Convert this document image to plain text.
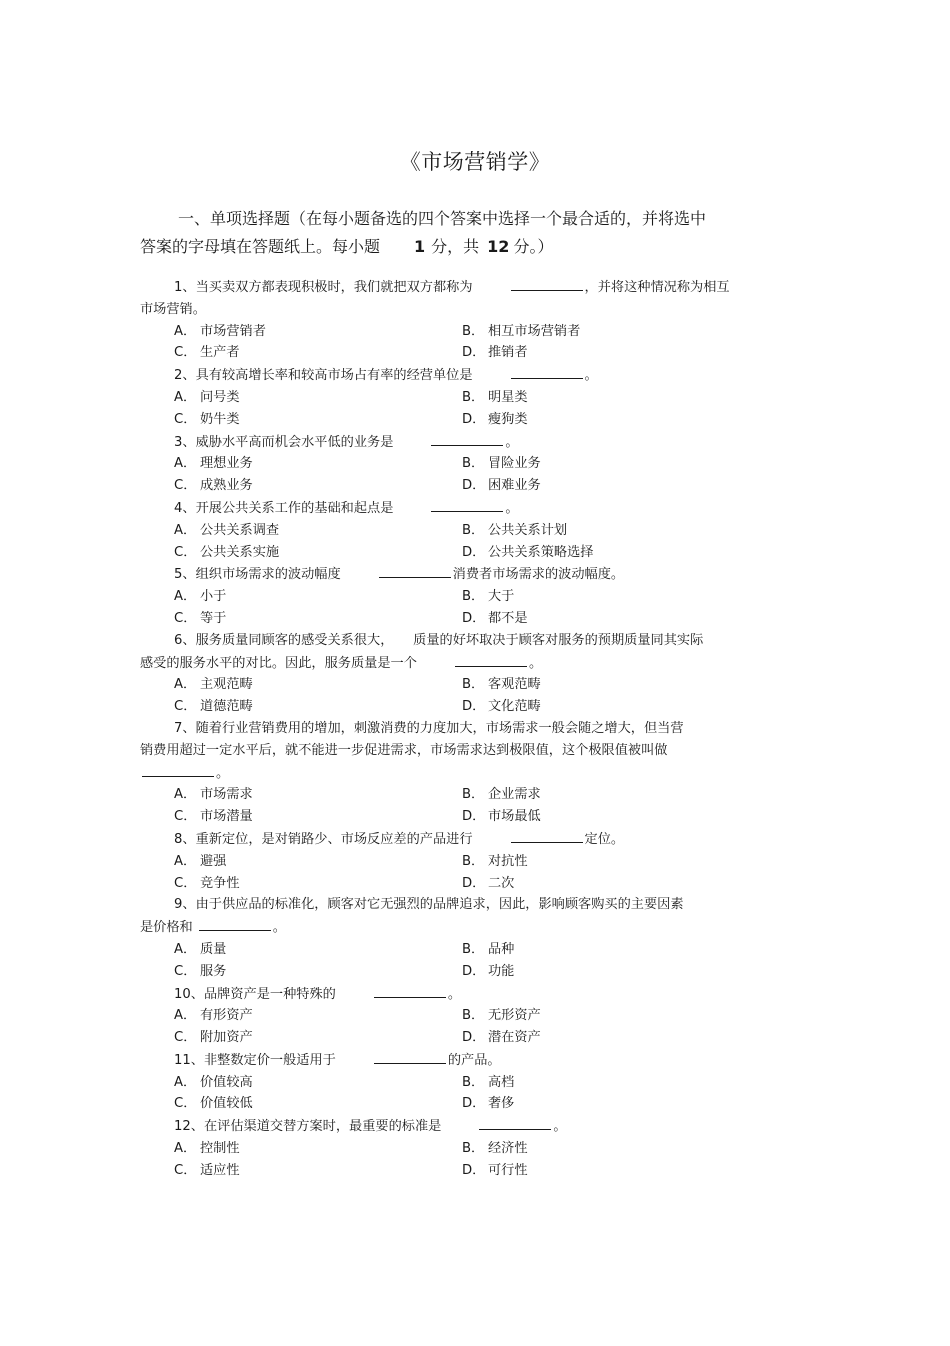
《市场营销学》
一、单项选择题（在每小题备选的四个答案中选择一个最合适的，并将选中
答案的字母填在答题纸上。每小题 1 分，共 12 分。）
1、当买卖双方都表现积极时，我们就把双方都称为	，并将这种情况称为相互
市场营销。
A． 市场营销者	B． 相互市场营销者
C． 生产者	D． 推销者
2、具有较高增长率和较高市场占有率的经营单位是	。
A． 问号类	B． 明星类
C． 奶牛类	D． 瘦狗类
3、威胁水平高而机会水平低的业务是	。
A． 理想业务	B． 冒险业务
C． 成熟业务	D． 困难业务
4、开展公共关系工作的基础和起点是	。
A． 公共关系调查	B． 公共关系计划
C． 公共关系实施	D． 公共关系策略选择
5、组织市场需求的波动幅度	消费者市场需求的波动幅度。
A． 小于	B． 大于
C． 等于	D． 都不是
6、服务质量同顾客的感受关系很大，　　质量的好坏取决于顾客对服务的预期质量同其实际
感受的服务水平的对比。因此，服务质量是一个	。
A． 主观范畴	B． 客观范畴
C． 道德范畴	D． 文化范畴
7、随着行业营销费用的增加，刺激消费的力度加大，市场需求一般会随之增大，但当营
销费用超过一定水平后，就不能进一步促进需求，市场需求达到极限值，这个极限值被叫做
。
A． 市场需求	B． 企业需求
C． 市场潜量	D． 市场最低
8、重新定位，是对销路少、市场反应差的产品进行	定位。
A． 避强	B． 对抗性
C． 竞争性	D． 二次
9、由于供应品的标准化，顾客对它无强烈的品牌追求，因此，影响顾客购买的主要因素
是价格和	。
A． 质量	B． 品种
C． 服务	D． 功能
10、品牌资产是一种特殊的	。
A． 有形资产	B． 无形资产
C． 附加资产	D． 潜在资产
11、非整数定价一般适用于	的产品。
A． 价值较高	B． 高档
C． 价值较低	D． 奢侈
12、在评估渠道交替方案时，最重要的标准是	。
A． 控制性	B． 经济性
C． 适应性	D． 可行性
